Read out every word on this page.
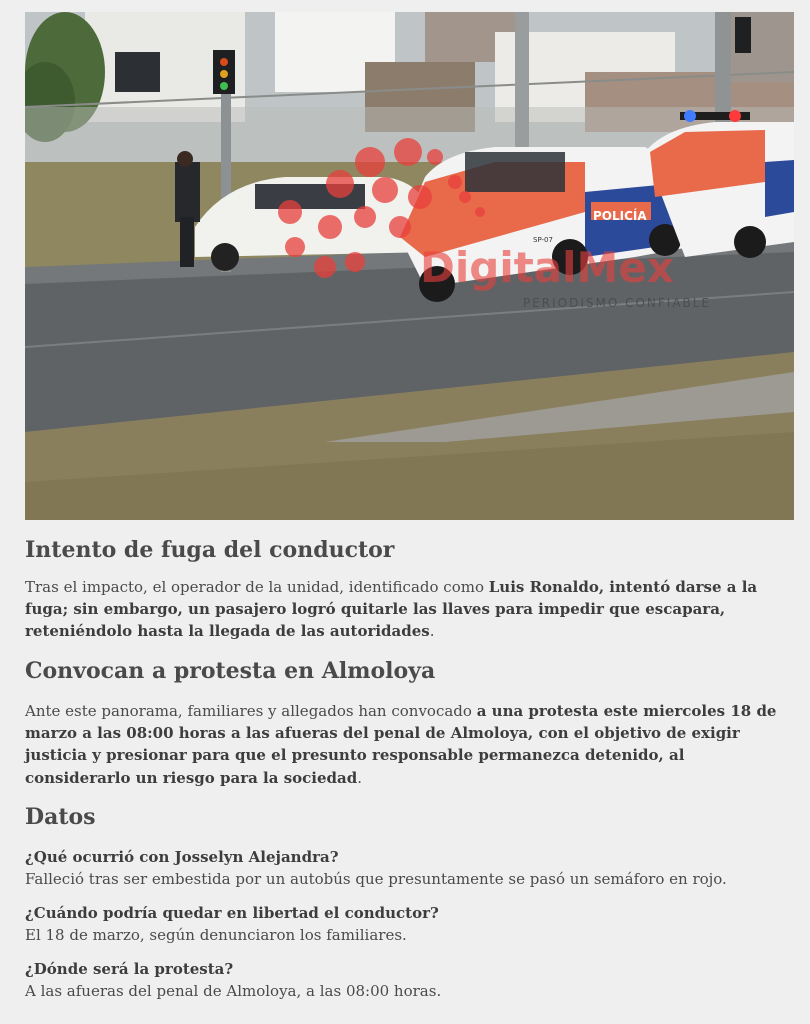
DigitalMex
POLICÍA
SP-07
PERIODISMO CONFIABLE
Intento de fuga del conductor

Tras el impacto, el operador de la unidad, identificado como Luis Ronaldo, intentó darse a la fuga; sin embargo, un pasajero logró quitarle las llaves para impedir que escapara, reteniéndolo hasta la llegada de las autoridades.

Convocan a protesta en Almoloya

Ante este panorama, familiares y allegados han convocado a una protesta este miercoles 18 de marzo a las 08:00 horas a las afueras del penal de Almoloya, con el objetivo de exigir justicia y presionar para que el presunto responsable permanezca detenido, al considerarlo un riesgo para la sociedad.

Datos
¿Qué ocurrió con Josselyn Alejandra?
Falleció tras ser embestida por un autobús que presuntamente se pasó un semáforo en rojo.
¿Cuándo podría quedar en libertad el conductor?
El 18 de marzo, según denunciaron los familiares.
¿Dónde será la protesta?
A las afueras del penal de Almoloya, a las 08:00 horas.
